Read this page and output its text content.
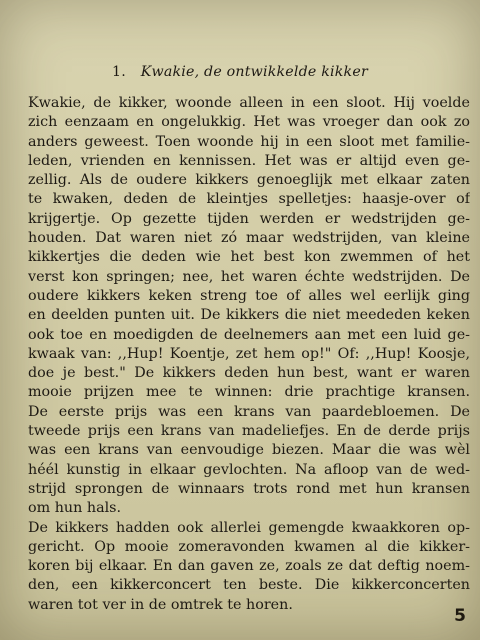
1. Kwakie, de ontwikkelde kikker
Kwakie, de kikker, woonde alleen in een sloot. Hij voelde
zich eenzaam en ongelukkig. Het was vroeger dan ook zo
anders geweest. Toen woonde hij in een sloot met familie-
leden, vrienden en kennissen. Het was er altijd even ge-
zellig. Als de oudere kikkers genoeglijk met elkaar zaten
te kwaken, deden de kleintjes spelletjes: haasje-over of
krijgertje. Op gezette tijden werden er wedstrijden ge-
houden. Dat waren niet zó maar wedstrijden, van kleine
kikkertjes die deden wie het best kon zwemmen of het
verst kon springen; nee, het waren échte wedstrijden. De
oudere kikkers keken streng toe of alles wel eerlijk ging
en deelden punten uit. De kikkers die niet meededen keken
ook toe en moedigden de deelnemers aan met een luid ge-
kwaak van: ,,Hup! Koentje, zet hem op!" Of: ,,Hup! Koosje,
doe je best." De kikkers deden hun best, want er waren
mooie prijzen mee te winnen: drie prachtige kransen.
De eerste prijs was een krans van paardebloemen. De
tweede prijs een krans van madeliefjes. En de derde prijs
was een krans van eenvoudige biezen. Maar die was wèl
héél kunstig in elkaar gevlochten. Na afloop van de wed-
strijd sprongen de winnaars trots rond met hun kransen
om hun hals.
De kikkers hadden ook allerlei gemengde kwaakkoren op-
gericht. Op mooie zomeravonden kwamen al die kikker-
koren bij elkaar. En dan gaven ze, zoals ze dat deftig noem-
den, een kikkerconcert ten beste. Die kikkerconcerten
waren tot ver in de omtrek te horen.
5
